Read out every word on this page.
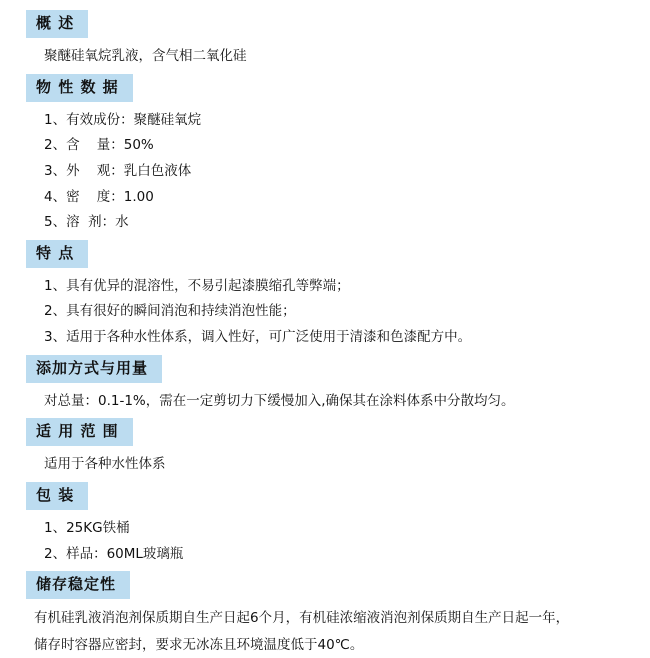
概 述
聚醚硅氧烷乳液，含气相二氧化硅
物 性 数 据
1、有效成份：聚醚硅氧烷
2、含    量：50%
3、外    观：乳白色液体
4、密    度：1.00
5、溶  剂：水
特 点
1、具有优异的混溶性，不易引起漆膜缩孔等弊端；
2、具有很好的瞬间消泡和持续消泡性能；
3、适用于各种水性体系，调入性好，可广泛使用于清漆和色漆配方中。
添加方式与用量
对总量：0.1-1%，需在一定剪切力下缓慢加入,确保其在涂料体系中分散均匀。
适 用 范 围
适用于各种水性体系
包 装
1、25KG铁桶
2、样品：60ML玻璃瓶
储存稳定性
有机硅乳液消泡剂保质期自生产日起6个月，有机硅浓缩液消泡剂保质期自生产日起一年，
储存时容器应密封，要求无冰冻且环境温度低于40℃。
